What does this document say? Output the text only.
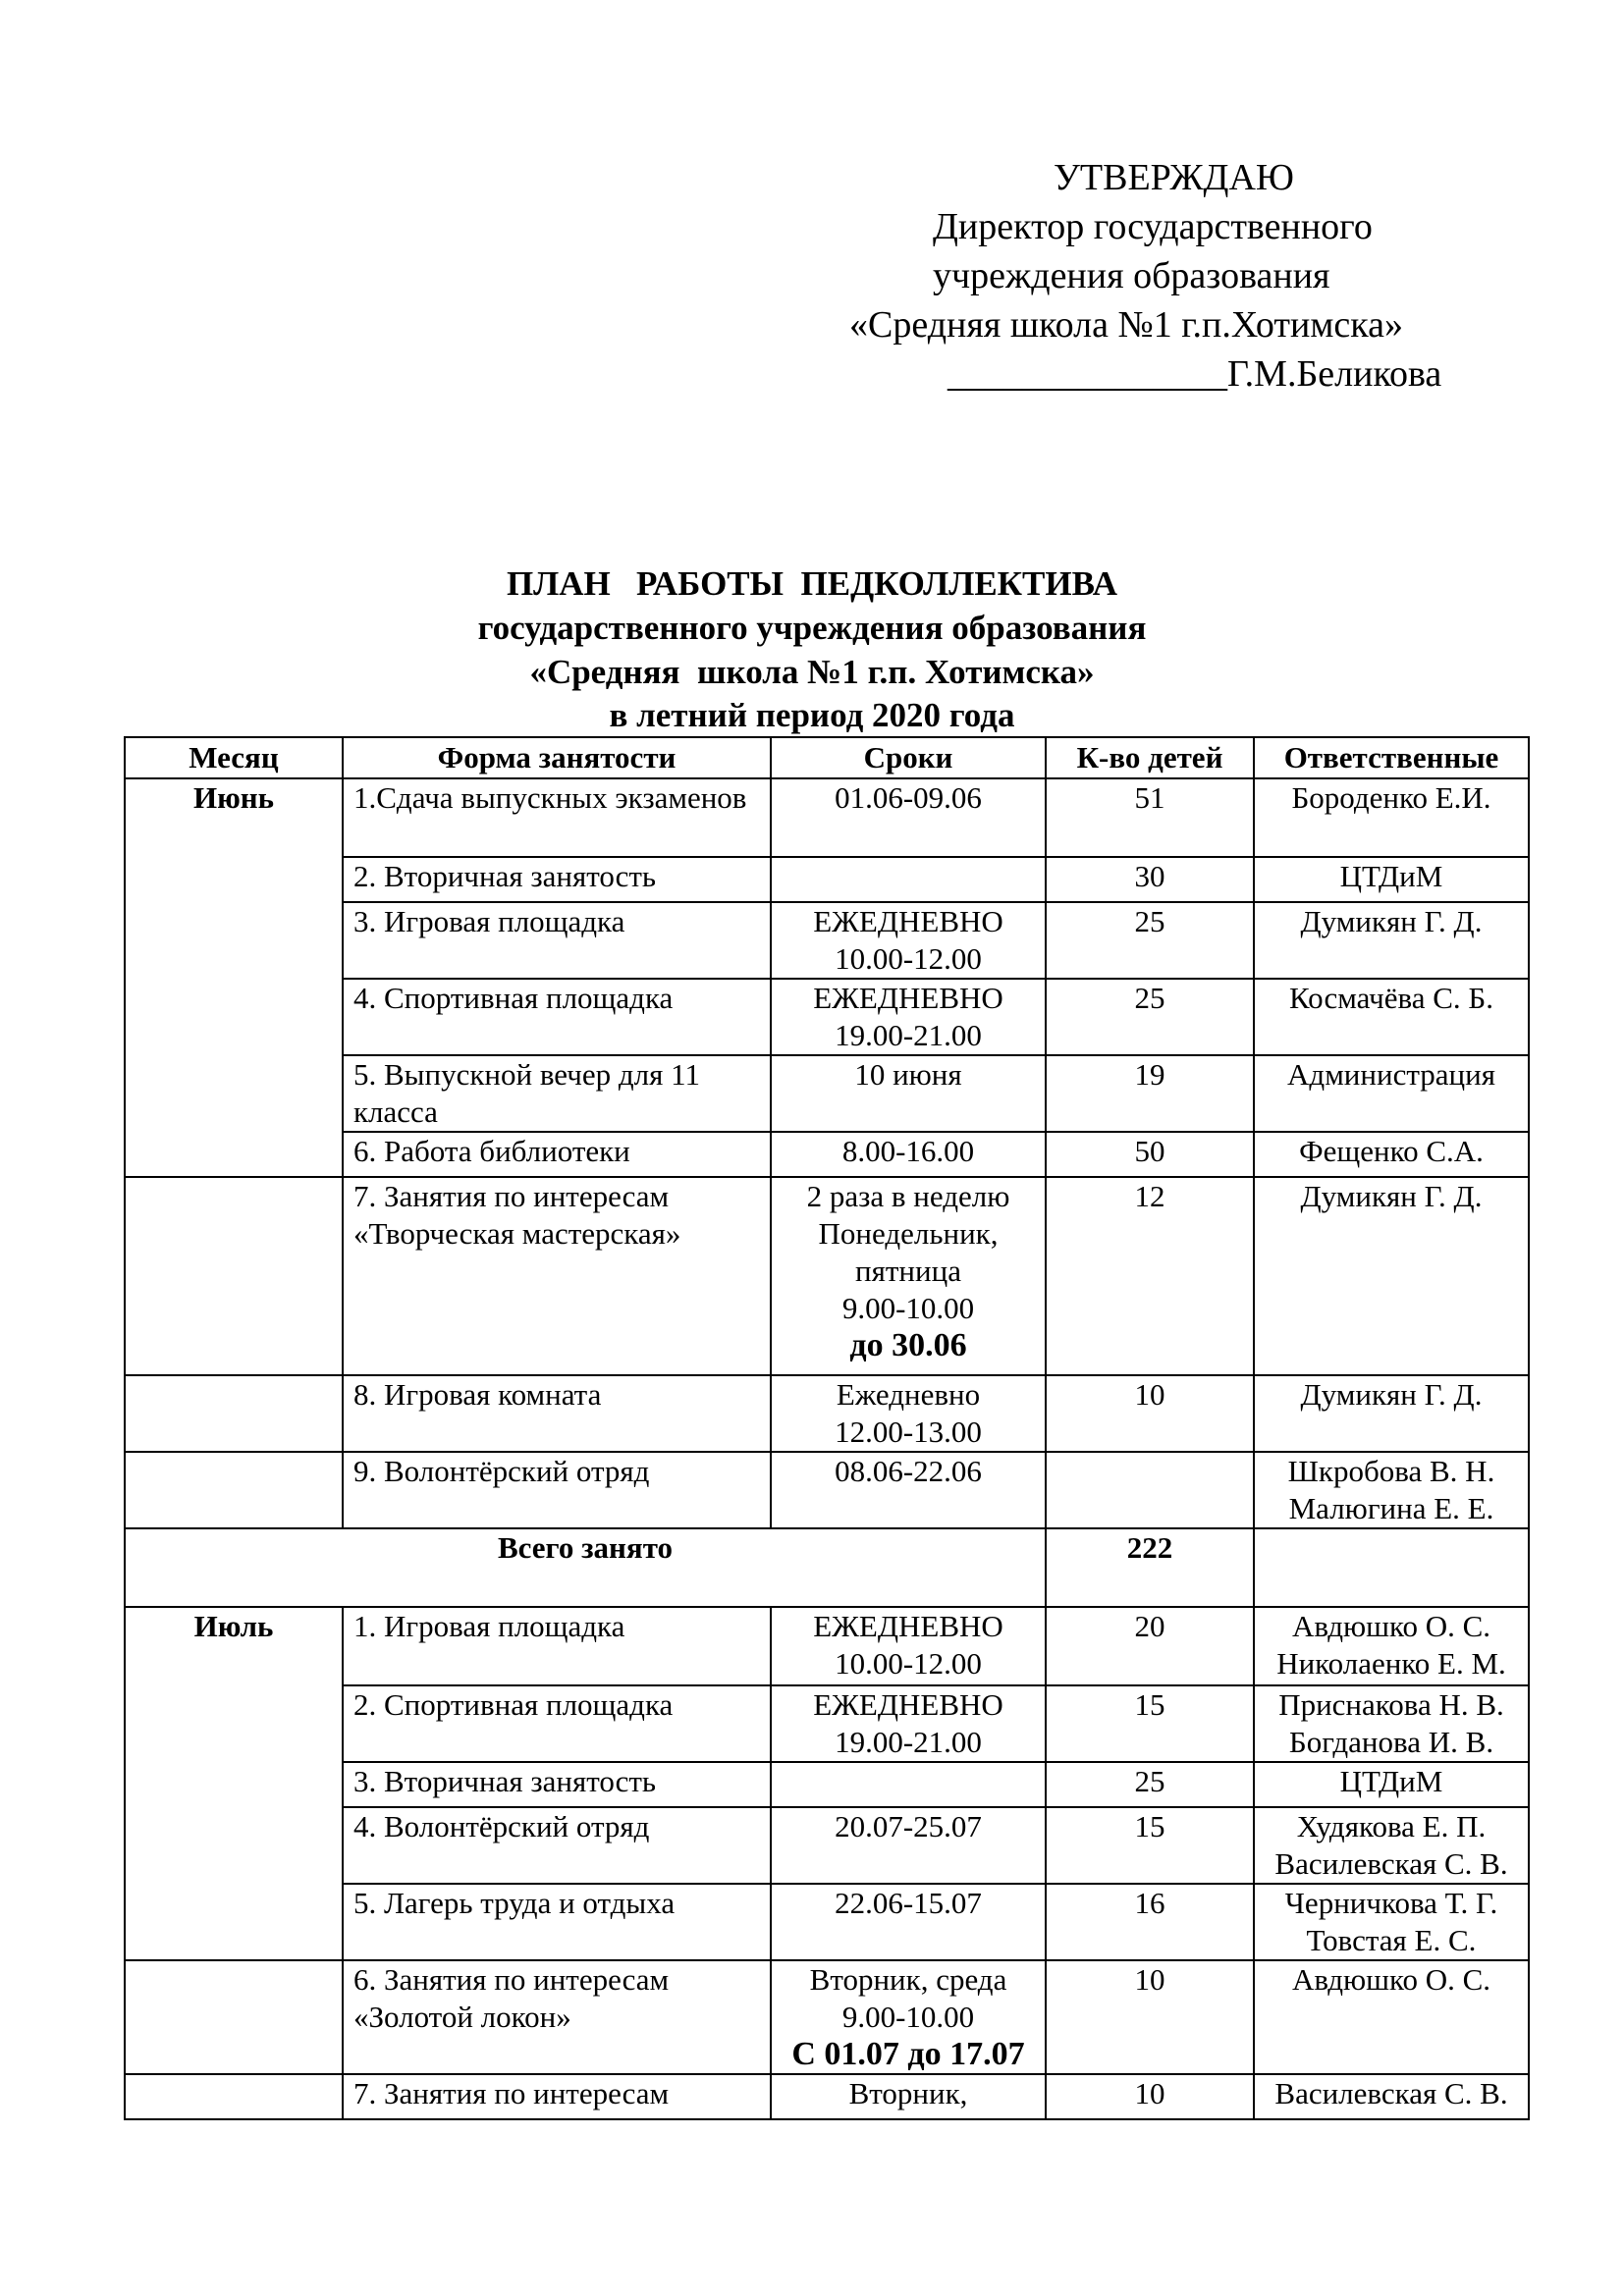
УТВЕРЖДАЮ
Директор государственного
учреждения образования
«Средняя школа №1 г.п.Хотимска»
_______________Г.М.Беликова
ПЛАН   РАБОТЫ  ПЕДКОЛЛЕКТИВА
государственного учреждения образования
«Средняя  школа №1 г.п. Хотимска»
в летний период 2020 года
Месяц	Форма занятости	Сроки	К-во детей	Ответственные
Июнь	1.Сдача выпускных экзаменов	01.06-09.06	51	Бороденко Е.И.

	2. Вторичная занятость		30	ЦТДиМ

	3. Игровая площадка	ЕЖЕДНЕВНО
10.00-12.00	25	Думикян Г. Д.

	4. Спортивная площадка	ЕЖЕДНЕВНО
19.00-21.00	25	Космачёва С. Б.

	5. Выпускной вечер для 11 класса	10 июня	19	Администрация

	6. Работа библиотеки	8.00-16.00	50	Фещенко С.А.

	7. Занятия по интересам «Творческая мастерская»	2 раза в неделю
Понедельник,
пятница
9.00-10.00
до 30.06	12	Думикян Г. Д.

	8. Игровая комната	Ежедневно
12.00-13.00	10	Думикян Г. Д.

	9. Волонтёрский отряд	08.06-22.06		Шкробова В. Н.
Малюгина Е. Е.

Всего занято			222	
Июль	1. Игровая площадка	ЕЖЕДНЕВНО
10.00-12.00	20	Авдюшко О. С.
Николаенко Е. М.

	2. Спортивная площадка	ЕЖЕДНЕВНО
19.00-21.00	15	Приснакова Н. В.
Богданова И. В.

	3. Вторичная занятость		25	ЦТДиМ

	4. Волонтёрский отряд	20.07-25.07	15	Худякова Е. П.
Василевская С. В.

	5. Лагерь труда и отдыха	22.06-15.07	16	Черничкова Т. Г.
Товстая Е. С.

	6. Занятия по интересам «Золотой локон»	Вторник, среда
9.00-10.00
С 01.07 до 17.07	10	Авдюшко О. С.

	7. Занятия по интересам	Вторник,	10	Василевская С. В.
